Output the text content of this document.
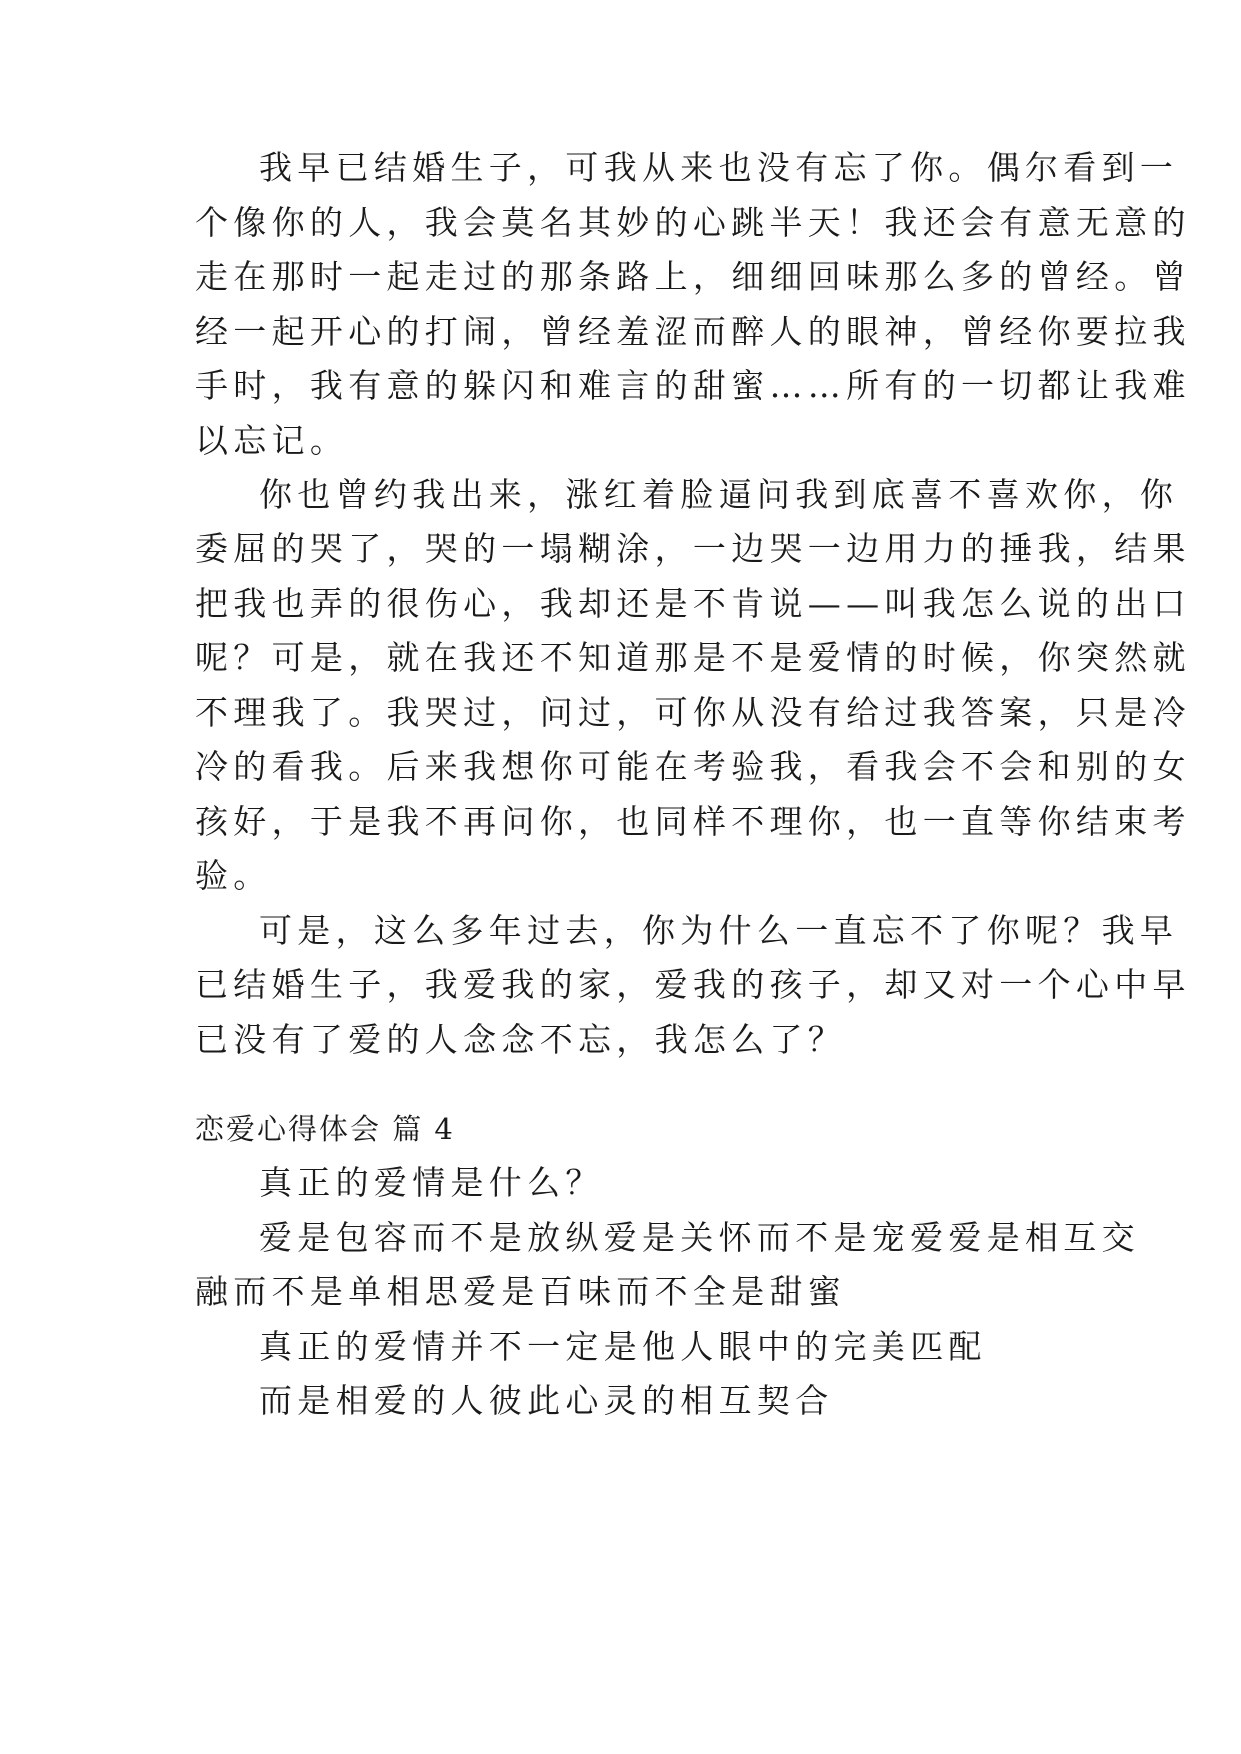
我早已结婚生子，可我从来也没有忘了你。偶尔看到一
个像你的人，我会莫名其妙的心跳半天！我还会有意无意的
走在那时一起走过的那条路上，细细回味那么多的曾经。曾
经一起开心的打闹，曾经羞涩而醉人的眼神，曾经你要拉我
手时，我有意的躲闪和难言的甜蜜……所有的一切都让我难
以忘记。
你也曾约我出来，涨红着脸逼问我到底喜不喜欢你，你
委屈的哭了，哭的一塌糊涂，一边哭一边用力的捶我，结果
把我也弄的很伤心，我却还是不肯说——叫我怎么说的出口
呢？可是，就在我还不知道那是不是爱情的时候，你突然就
不理我了。我哭过，问过，可你从没有给过我答案，只是冷
冷的看我。后来我想你可能在考验我，看我会不会和别的女
孩好，于是我不再问你，也同样不理你，也一直等你结束考
验。
可是，这么多年过去，你为什么一直忘不了你呢？我早
已结婚生子，我爱我的家，爱我的孩子，却又对一个心中早
已没有了爱的人念念不忘，我怎么了？
恋爱心得体会 篇 4
真正的爱情是什么？
爱是包容而不是放纵爱是关怀而不是宠爱爱是相互交
融而不是单相思爱是百味而不全是甜蜜
真正的爱情并不一定是他人眼中的完美匹配
而是相爱的人彼此心灵的相互契合
